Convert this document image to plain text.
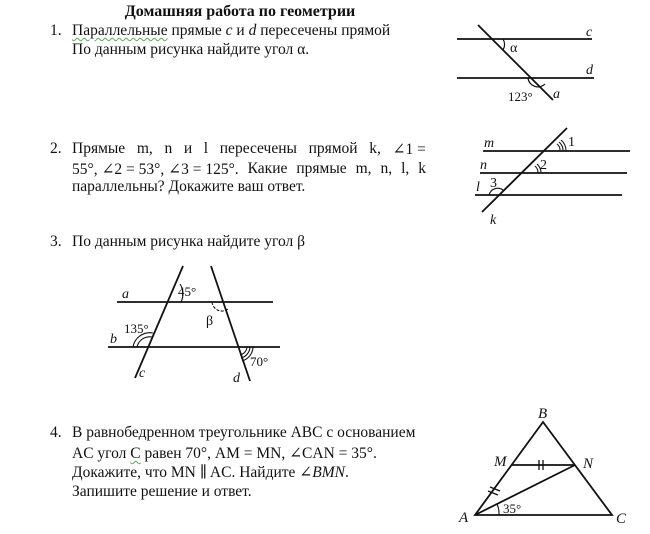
Домашняя работа по геометрии
1. Параллельные прямые c и d пересечены прямой
По данным рисунка найдите угол α.
2. Прямые m, n и l пересечены прямой k, ∠1 =
55°, ∠2 = 53°, ∠3 = 125°. Какие прямые m, n, l, k
параллельны? Докажите ваш ответ.
3. По данным рисунка найдите угол β
4. В равнобедренном треугольнике ABC с основанием
AC угол C равен 70°, AM = MN, ∠CAN = 35°.
Докажите, что MN ∥ AC. Найдите ∠BMN.
Запишите решение и ответ.
c
d
a
α
123°
m
n
l
k
1
2
3
a
b
c	d
45°
135°
70°
β
B
M	N
A	C
35°
